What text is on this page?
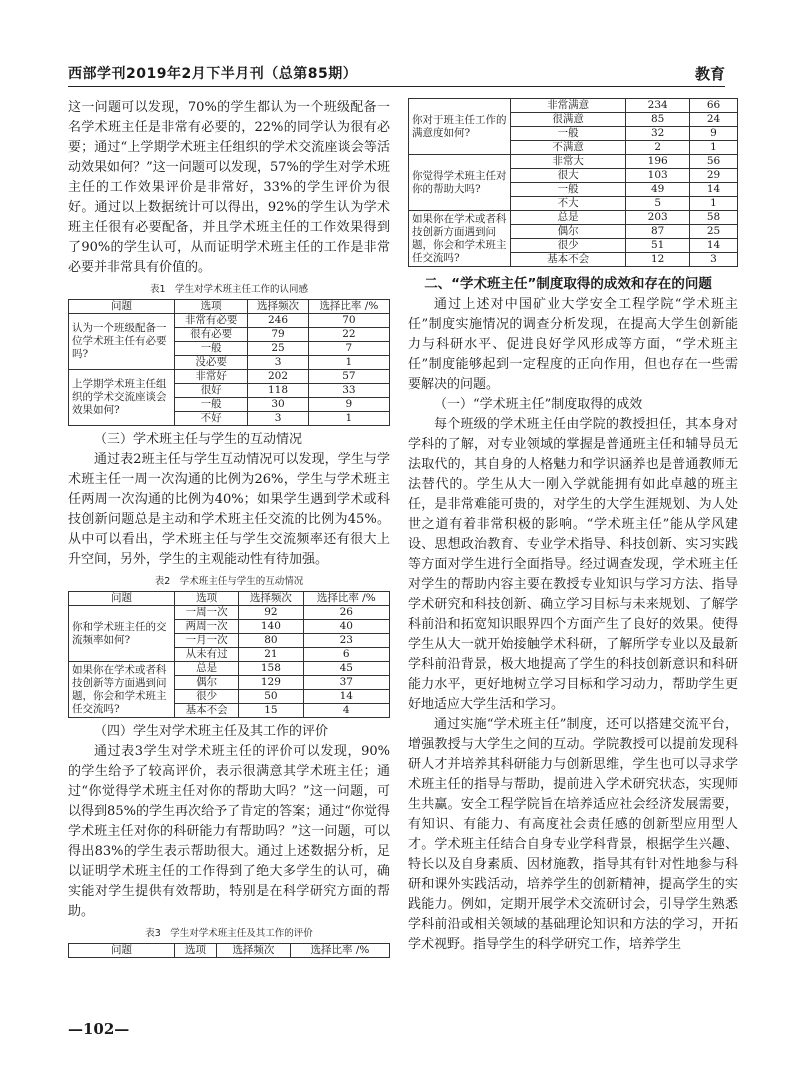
西部学刊2019年2月下半月刊（总第85期）	教育

这一问题可以发现，70%的学生都认为一个班级配备一名学术班主任是非常有必要的，22%的同学认为很有必要；通过“上学期学术班主任组织的学术交流座谈会等活动效果如何？”这一问题可以发现，57%的学生对学术班主任的工作效果评价是非常好，33%的学生评价为很好。通过以上数据统计可以得出，92%的学生认为学术班主任很有必要配备，并且学术班主任的工作效果得到了90%的学生认可，从而证明学术班主任的工作是非常必要并非常具有价值的。

表1　学生对学术班主任工作的认同感
问题	选项	选择频次	选择比率 /%
认为一个班级配备一位学术班主任有必要吗?	非常有必要	246	70
	很有必要	79	22
	一般	25	7
	没必要	3	1
上学期学术班主任组织的学术交流座谈会效果如何?	非常好	202	57
	很好	118	33
	一般	30	9
	不好	3	1
（三）学术班主任与学生的互动情况

通过表2班主任与学生互动情况可以发现，学生与学术班主任一周一次沟通的比例为26%，学生与学术班主任两周一次沟通的比例为40%；如果学生遇到学术或科技创新问题总是主动和学术班主任交流的比例为45%。从中可以看出，学术班主任与学生交流频率还有很大上升空间，另外，学生的主观能动性有待加强。

表2　学术班主任与学生的互动情况
问题	选项	选择频次	选择比率 /%
你和学术班主任的交流频率如何?	一周一次	92	26
	两周一次	140	40
	一月一次	80	23
	从未有过	21	6
如果你在学术或者科技创新等方面遇到问题，你会和学术班主任交流吗?	总是	158	45
	偶尔	129	37
	很少	50	14
	基本不会	15	4
（四）学生对学术班主任及其工作的评价

通过表3学生对学术班主任的评价可以发现，90%的学生给予了较高评价，表示很满意其学术班主任；通过“你觉得学术班主任对你的帮助大吗？”这一问题，可以得到85%的学生再次给予了肯定的答案；通过“你觉得学术班主任对你的科研能力有帮助吗？”这一问题，可以得出83%的学生表示帮助很大。通过上述数据分析，足以证明学术班主任的工作得到了绝大多学生的认可，确实能对学生提供有效帮助，特别是在科学研究方面的帮助。

表3　学生对学术班主任及其工作的评价
问题	选项	选择频次	选择比率 /%
你对于班主任工作的满意度如何?	非常满意	234	66
	很满意	85	24
	一般	32	9
	不满意	2	1
你觉得学术班主任对你的帮助大吗?	非常大	196	56
	很大	103	29
	一般	49	14
	不大	5	1
如果你在学术或者科技创新方面遇到问题，你会和学术班主任交流吗?	总是	203	58
	偶尔	87	25
	很少	51	14
	基本不会	12	3
二、“学术班主任”制度取得的成效和存在的问题

通过上述对中国矿业大学安全工程学院“学术班主任”制度实施情况的调查分析发现，在提高大学生创新能力与科研水平、促进良好学风形成等方面，“学术班主任”制度能够起到一定程度的正向作用，但也存在一些需要解决的问题。

（一）“学术班主任”制度取得的成效

每个班级的学术班主任由学院的教授担任，其本身对学科的了解，对专业领域的掌握是普通班主任和辅导员无法取代的，其自身的人格魅力和学识涵养也是普通教师无法替代的。学生从大一刚入学就能拥有如此卓越的班主任，是非常难能可贵的，对学生的大学生涯规划、为人处世之道有着非常积极的影响。“学术班主任”能从学风建设、思想政治教育、专业学术指导、科技创新、实习实践等方面对学生进行全面指导。经过调查发现，学术班主任对学生的帮助内容主要在教授专业知识与学习方法、指导学术研究和科技创新、确立学习目标与未来规划、了解学科前沿和拓宽知识眼界四个方面产生了良好的效果。使得学生从大一就开始接触学术科研，了解所学专业以及最新学科前沿背景，极大地提高了学生的科技创新意识和科研能力水平，更好地树立学习目标和学习动力，帮助学生更好地适应大学生活和学习。

通过实施“学术班主任”制度，还可以搭建交流平台，增强教授与大学生之间的互动。学院教授可以提前发现科研人才并培养其科研能力与创新思维，学生也可以寻求学术班主任的指导与帮助，提前进入学术研究状态，实现师生共赢。安全工程学院旨在培养适应社会经济发展需要，有知识、有能力、有高度社会责任感的创新型应用型人才。学术班主任结合自身专业学科背景，根据学生兴趣、特长以及自身素质、因材施教，指导其有针对性地参与科研和课外实践活动，培养学生的创新精神，提高学生的实践能力。例如，定期开展学术交流研讨会，引导学生熟悉学科前沿或相关领域的基础理论知识和方法的学习，开拓学术视野。指导学生的科学研究工作，培养学生

—102—
